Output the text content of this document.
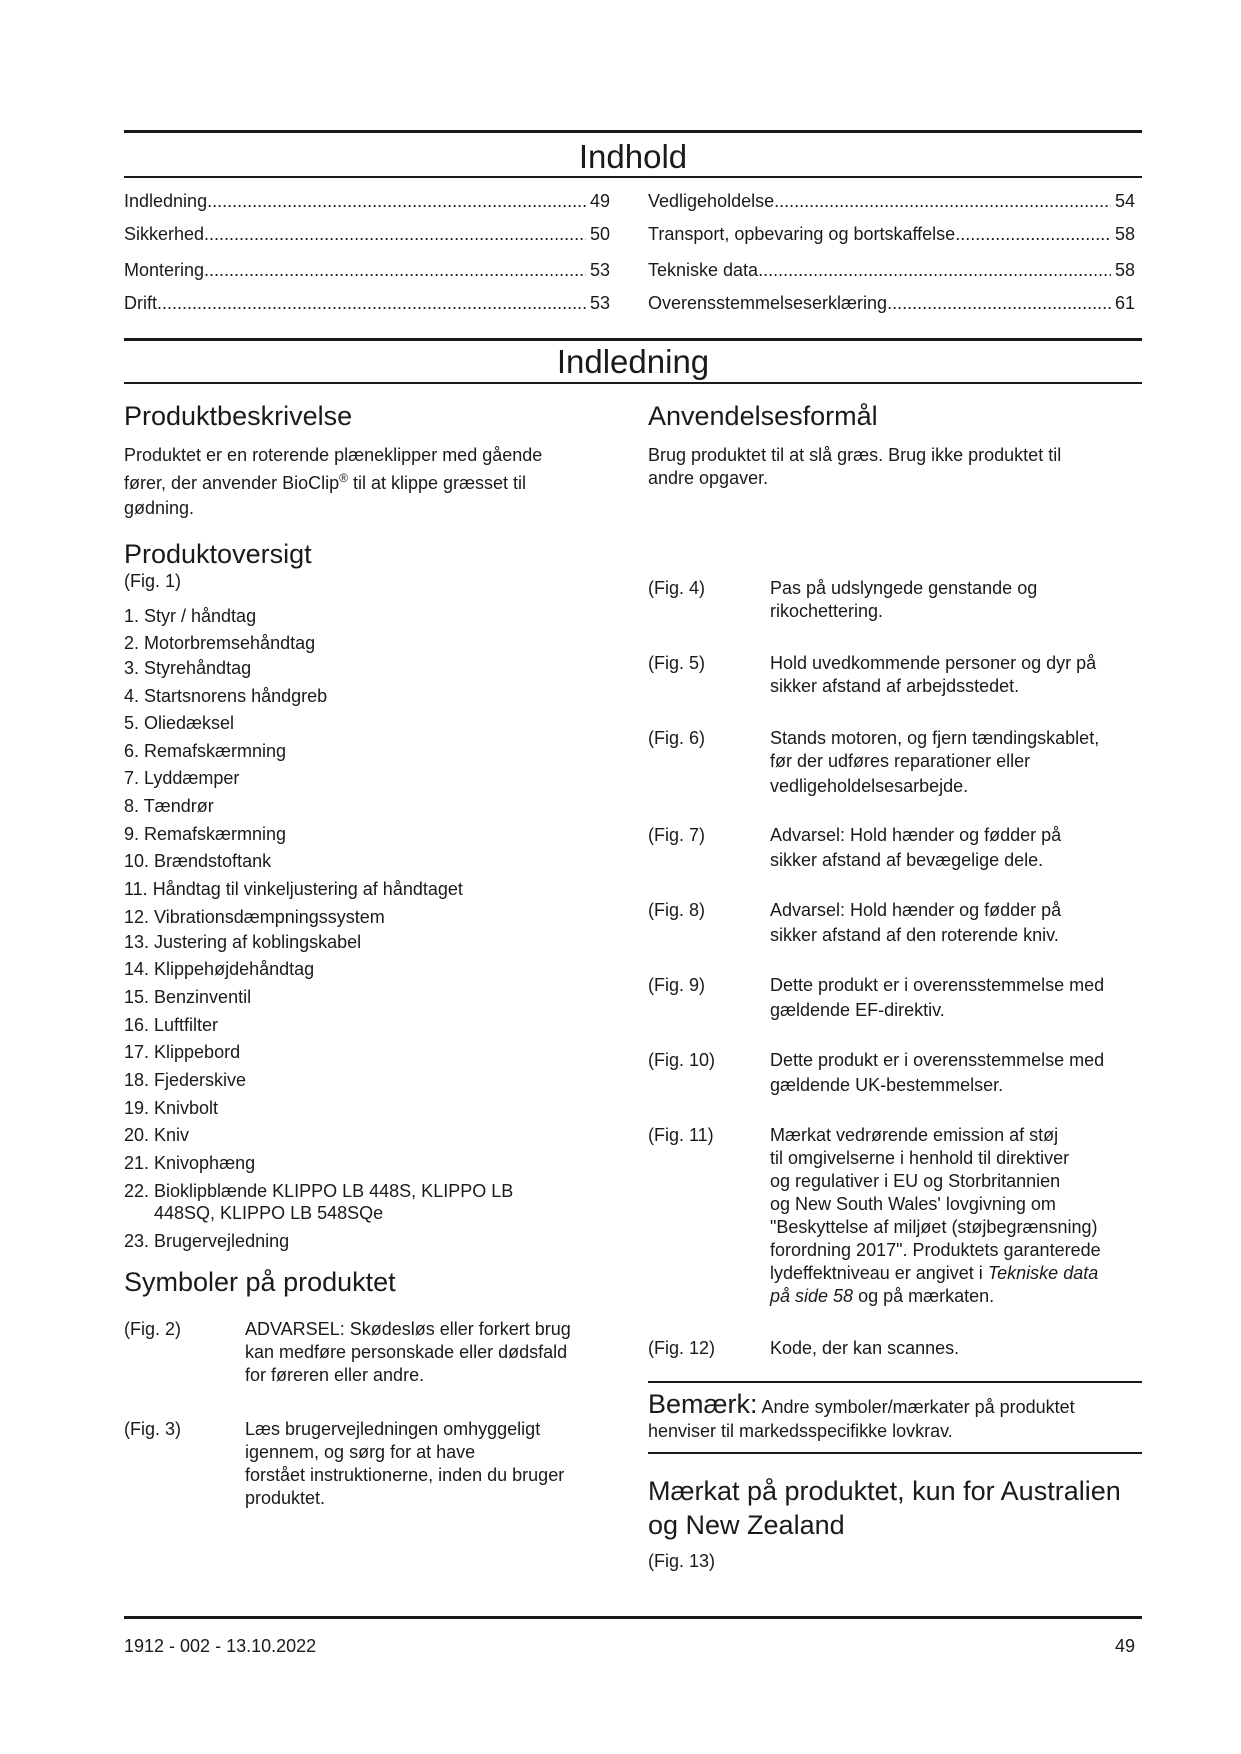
Indhold
Indledning .....	49
Sikkerhed .....	50
Montering .....	53
Drift .....	53
Vedligeholdelse .....	54
Transport, opbevaring og bortskaffelse .....	58
Tekniske data .....	58
Overensstemmelseserklæring .....	61
Indledning
Produktbeskrivelse
Produktet er en roterende plæneklipper med gående
fører, der anvender BioClip® til at klippe græsset til
gødning.
Produktoversigt
(Fig. 1)
1. Styr / håndtag
2. Motorbremsehåndtag
3. Styrehåndtag
4. Startsnorens håndgreb
5. Oliedæksel
6. Remafskærmning
7. Lyddæmper
8. Tændrør
9. Remafskærmning
10. Brændstoftank
11. Håndtag til vinkeljustering af håndtaget
12. Vibrationsdæmpningssystem
13. Justering af koblingskabel
14. Klippehøjdehåndtag
15. Benzinventil
16. Luftfilter
17. Klippebord
18. Fjederskive
19. Knivbolt
20. Kniv
21. Knivophæng
22. Bioklipblænde KLIPPO LB 448S, KLIPPO LB
448SQ, KLIPPO LB 548SQe
23. Brugervejledning
Symboler på produktet
(Fig. 2)	ADVARSEL: Skødesløs eller forkert brug
kan medføre personskade eller dødsfald
for føreren eller andre.
(Fig. 3)	Læs brugervejledningen omhyggeligt
igennem, og sørg for at have
forstået instruktionerne, inden du bruger
produktet.
Anvendelsesformål
Brug produktet til at slå græs. Brug ikke produktet til
andre opgaver.
(Fig. 4)	Pas på udslyngede genstande og
rikochettering.
(Fig. 5)	Hold uvedkommende personer og dyr på
sikker afstand af arbejdsstedet.
(Fig. 6)	Stands motoren, og fjern tændingskablet,
før der udføres reparationer eller
vedligeholdelsesarbejde.
(Fig. 7)	Advarsel: Hold hænder og fødder på
sikker afstand af bevægelige dele.
(Fig. 8)	Advarsel: Hold hænder og fødder på
sikker afstand af den roterende kniv.
(Fig. 9)	Dette produkt er i overensstemmelse med
gældende EF-direktiv.
(Fig. 10)	Dette produkt er i overensstemmelse med
gældende UK-bestemmelser.
(Fig. 11)	Mærkat vedrørende emission af støj
til omgivelserne i henhold til direktiver
og regulativer i EU og Storbritannien
og New South Wales' lovgivning om
"Beskyttelse af miljøet (støjbegrænsning)
forordning 2017". Produktets garanterede
lydeffektniveau er angivet i Tekniske data
på side 58 og på mærkaten.
(Fig. 12)	Kode, der kan scannes.
Bemærk: Andre symboler/mærkater på produktet
henviser til markedsspecifikke lovkrav.
Mærkat på produktet, kun for Australien
og New Zealand
(Fig. 13)
1912 - 002 - 13.10.2022	49
